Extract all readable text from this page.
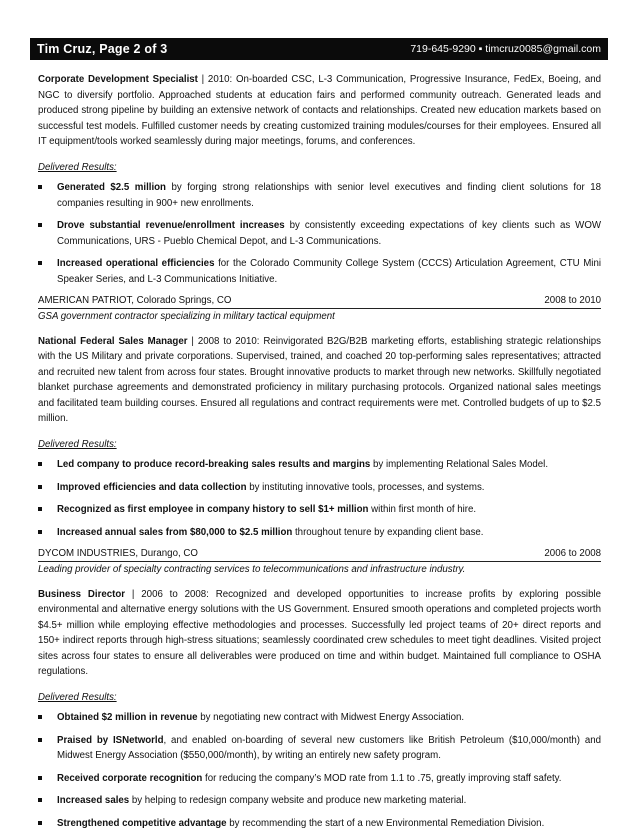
Tim Cruz, Page 2 of 3	719-645-9290 ▪ timcruz0085@gmail.com

Corporate Development Specialist | 2010: On-boarded CSC, L-3 Communication, Progressive Insurance, FedEx, Boeing, and NGC to diversify portfolio. Approached students at education fairs and performed community outreach. Generated leads and produced strong pipeline by building an extensive network of contacts and relationships. Created new education markets based on successful test models. Fulfilled customer needs by creating customized training modules/courses for their employees. Ensured all IT equipment/tools worked seamlessly during major meetings, forums, and conferences.

Delivered Results:
Generated $2.5 million by forging strong relationships with senior level executives and finding client solutions for 18 companies resulting in 900+ new enrollments.
Drove substantial revenue/enrollment increases by consistently exceeding expectations of key clients such as WOW Communications, URS - Pueblo Chemical Depot, and L-3 Communications.
Increased operational efficiencies for the Colorado Community College System (CCCS) Articulation Agreement, CTU Mini Speaker Series, and L-3 Communications Initiative.
AMERICAN PATRIOT, Colorado Springs, CO	2008 to 2010
GSA government contractor specializing in military tactical equipment

National Federal Sales Manager | 2008 to 2010: Reinvigorated B2G/B2B marketing efforts, establishing strategic relationships with the US Military and private corporations. Supervised, trained, and coached 20 top-performing sales representatives; attracted and recruited new talent from across four states. Brought innovative products to market through new networks. Skillfully negotiated blanket purchase agreements and demonstrated proficiency in military purchasing protocols. Organized national sales meetings and facilitated team building courses. Ensured all regulations and contract requirements were met. Controlled budgets of up to $2.5 million.

Delivered Results:
Led company to produce record-breaking sales results and margins by implementing Relational Sales Model.
Improved efficiencies and data collection by instituting innovative tools, processes, and systems.
Recognized as first employee in company history to sell $1+ million within first month of hire.
Increased annual sales from $80,000 to $2.5 million throughout tenure by expanding client base.
DYCOM INDUSTRIES, Durango, CO	2006 to 2008
Leading provider of specialty contracting services to telecommunications and infrastructure industry.

Business Director | 2006 to 2008: Recognized and developed opportunities to increase profits by exploring possible environmental and alternative energy solutions with the US Government. Ensured smooth operations and completed projects worth $4.5+ million while employing effective methodologies and processes. Successfully led project teams of 20+ direct reports and 150+ indirect reports through high-stress situations; seamlessly coordinated crew schedules to meet tight deadlines. Visited project sites across four states to ensure all deliverables were produced on time and within budget. Maintained full compliance to OSHA regulations.

Delivered Results:
Obtained $2 million in revenue by negotiating new contract with Midwest Energy Association.
Praised by ISNetworld, and enabled on-boarding of several new customers like British Petroleum ($10,000/month) and Midwest Energy Association ($550,000/month), by writing an entirely new safety program.
Received corporate recognition for reducing the company’s MOD rate from 1.1 to .75, greatly improving staff safety.
Increased sales by helping to redesign company website and produce new marketing material.
Strengthened competitive advantage by recommending the start of a new Environmental Remediation Division.
